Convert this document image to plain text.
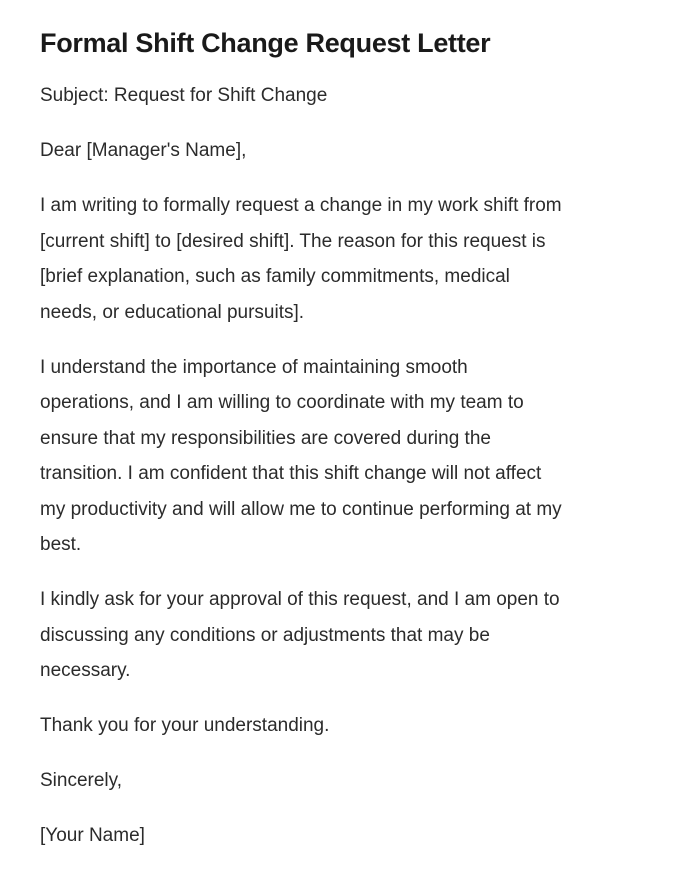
Formal Shift Change Request Letter

Subject: Request for Shift Change

Dear [Manager's Name],

I am writing to formally request a change in my work shift from
[current shift] to [desired shift]. The reason for this request is
[brief explanation, such as family commitments, medical
needs, or educational pursuits].

I understand the importance of maintaining smooth
operations, and I am willing to coordinate with my team to
ensure that my responsibilities are covered during the
transition. I am confident that this shift change will not affect
my productivity and will allow me to continue performing at my
best.

I kindly ask for your approval of this request, and I am open to
discussing any conditions or adjustments that may be
necessary.

Thank you for your understanding.

Sincerely,

[Your Name]
